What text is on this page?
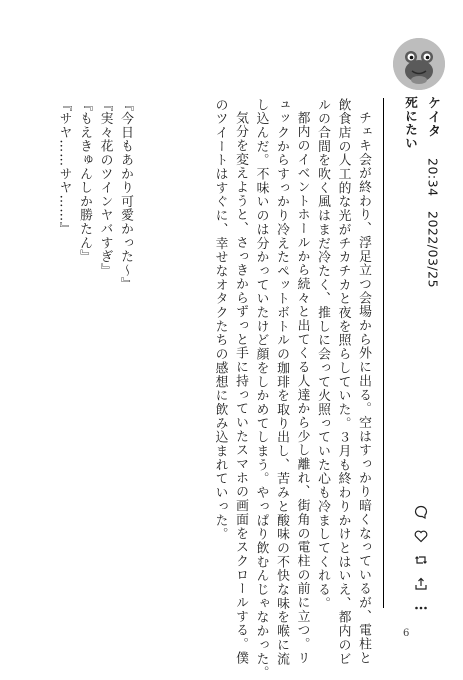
ケイタ
20:34 2022/03/25
死にたい

チェキ会が終わり、浮足立つ会場から外に出る。空はすっかり暗くなっているが、電柱と

飲食店の人工的な光がチカチカと夜を照らしていた。３月も終わりかけとはいえ、都内のビ

ルの合間を吹く風はまだ冷たく、推しに会って火照っていた心も冷ましてくれる。

都内のイベントホールから続々と出てくる人達から少し離れ、街角の電柱の前に立つ。リ

ュックからすっかり冷えたペットボトルの珈琲を取り出し、苦みと酸味の不快な味を喉に流

し込んだ。不味いのは分かっていたけど顔をしかめてしまう。やっぱり飲むんじゃなかった。

気分を変えようと、さっきからずっと手に持っていたスマホの画面をスクロールする。僕

のツイートはすぐに、幸せなオタクたちの感想に飲み込まれていった。

『今日もあかり可愛かった〜』
『実々花のツインヤバすぎ』
『もえきゅんしか勝たん』
『サヤ……サヤ……』
6
